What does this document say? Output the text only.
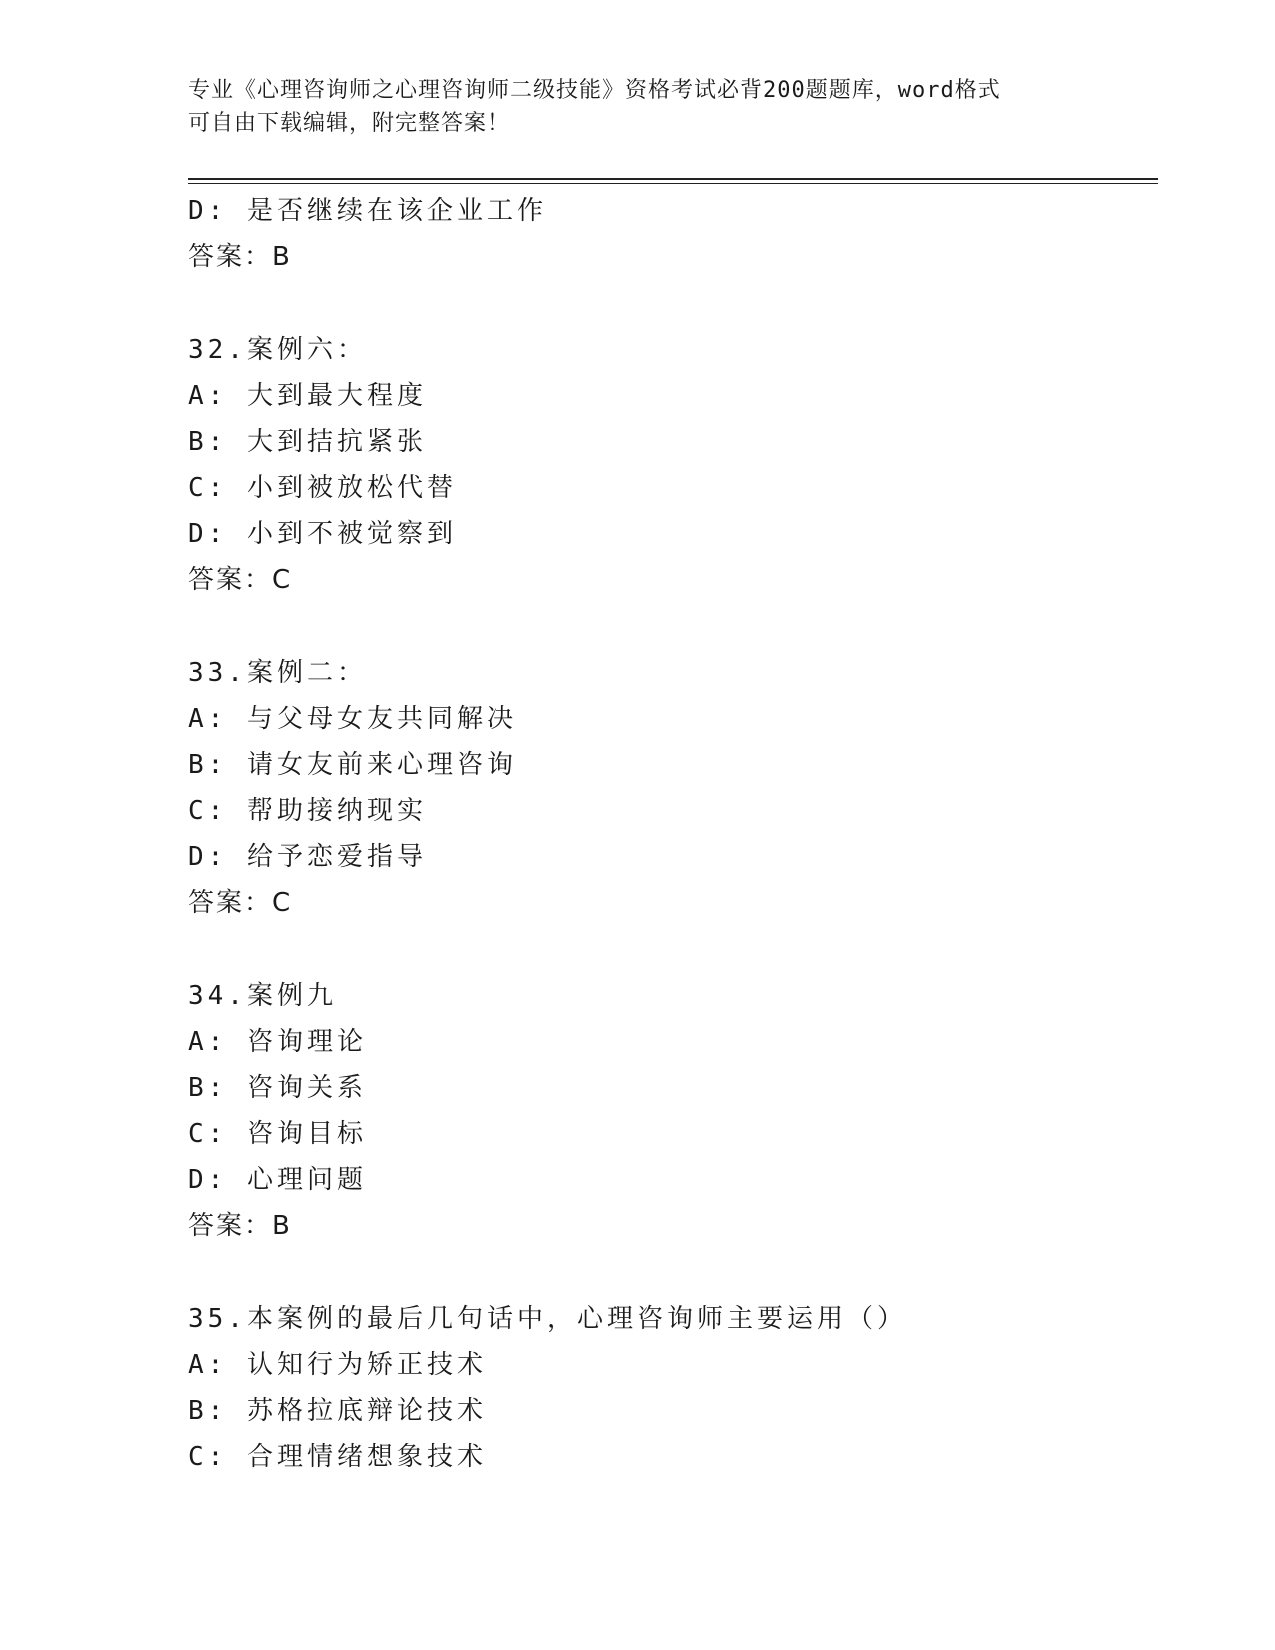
专业《心理咨询师之心理咨询师二级技能》资格考试必背200题题库，word格式
可自由下载编辑，附完整答案！
D: 是否继续在该企业工作
答案：B
32.案例六：
A: 大到最大程度
B: 大到拮抗紧张
C: 小到被放松代替
D: 小到不被觉察到
答案：C
33.案例二：
A: 与父母女友共同解决
B: 请女友前来心理咨询
C: 帮助接纳现实
D: 给予恋爱指导
答案：C
34.案例九
A: 咨询理论
B: 咨询关系
C: 咨询目标
D: 心理问题
答案：B
35.本案例的最后几句话中，心理咨询师主要运用（）
A: 认知行为矫正技术
B: 苏格拉底辩论技术
C: 合理情绪想象技术
